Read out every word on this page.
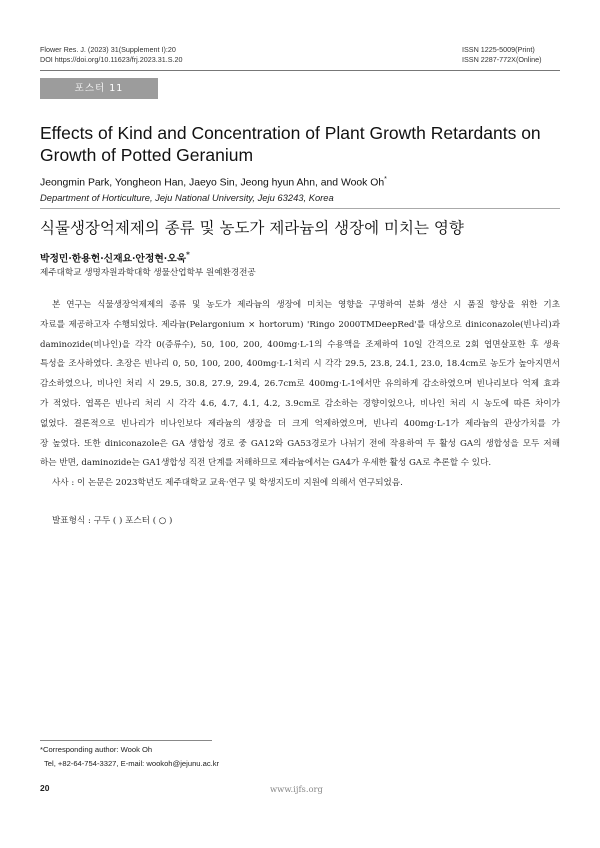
Flower Res. J. (2023) 31(Supplement I):20
DOI https://doi.org/10.11623/frj.2023.31.S.20
ISSN 1225-5009(Print)
ISSN 2287-772X(Online)
포스터 11
Effects of Kind and Concentration of Plant Growth Retardants on Growth of Potted Geranium
Jeongmin Park, Yongheon Han, Jaeyo Sin, Jeong hyun Ahn, and Wook Oh*
Department of Horticulture, Jeju National University, Jeju 63243, Korea
식물생장억제제의 종류 및 농도가 제라늄의 생장에 미치는 영향
박정민·한용헌·신재요·안정현·오욱*
제주대학교 생명자원과학대학 생물산업학부 원예환경전공
본 연구는 식물생장억제제의 종류 및 농도가 제라늄의 생장에 미치는 영향을 구명하여 분화 생산 시 품질 향상을 위한 기초
자료를 제공하고자 수행되었다. 제라늄(Pelargonium × hortorum) 'Ringo 2000TMDeepRed'를 대상으로 diniconazole(빈나리)과
daminozide(비나인)을 각각 0(증류수), 50, 100, 200, 400mg·L-1의 수용액을 조제하여 10일 간격으로 2회 엽면살포한 후 생육
특성을 조사하였다. 초장은 빈나리 0, 50, 100, 200, 400mg·L-1처리 시 각각 29.5, 23.8, 24.1, 23.0, 18.4cm로 농도가 높아지면서
감소하였으나, 비나인 처리 시 29.5, 30.8, 27.9, 29.4, 26.7cm로 400mg·L-1에서만 유의하게 감소하였으며 빈나리보다 억제 효과
가 적었다. 엽폭은 빈나리 처리 시 각각 4.6, 4.7, 4.1, 4.2, 3.9cm로 감소하는 경향이었으나, 비나인 처리 시 농도에 따른 차이가
없었다. 결론적으로 빈나리가 비나인보다 제라늄의 생장을 더 크게 억제하였으며, 빈나리 400mg·L-1가 제라늄의 관상가치를 가
장 높였다. 또한 diniconazole은 GA 생합성 경로 중 GA12와 GA53경로가 나뉘기 전에 작용하여 두 활성 GA의 생합성을 모두 저해
하는 반면, daminozide는 GA1생합성 직전 단계를 저해하므로 제라늄에서는 GA4가 우세한 활성 GA로 추론할 수 있다.
사사 : 이 논문은 2023학년도 제주대학교 교육·연구 및 학생지도비 지원에 의해서 연구되었음.
발표형식 : 구두 ( ) 포스터 ( ○ )
*Corresponding author: Wook Oh
Tel, +82-64-754-3327, E-mail: wookoh@jejunu.ac.kr
20	www.ijfs.org
